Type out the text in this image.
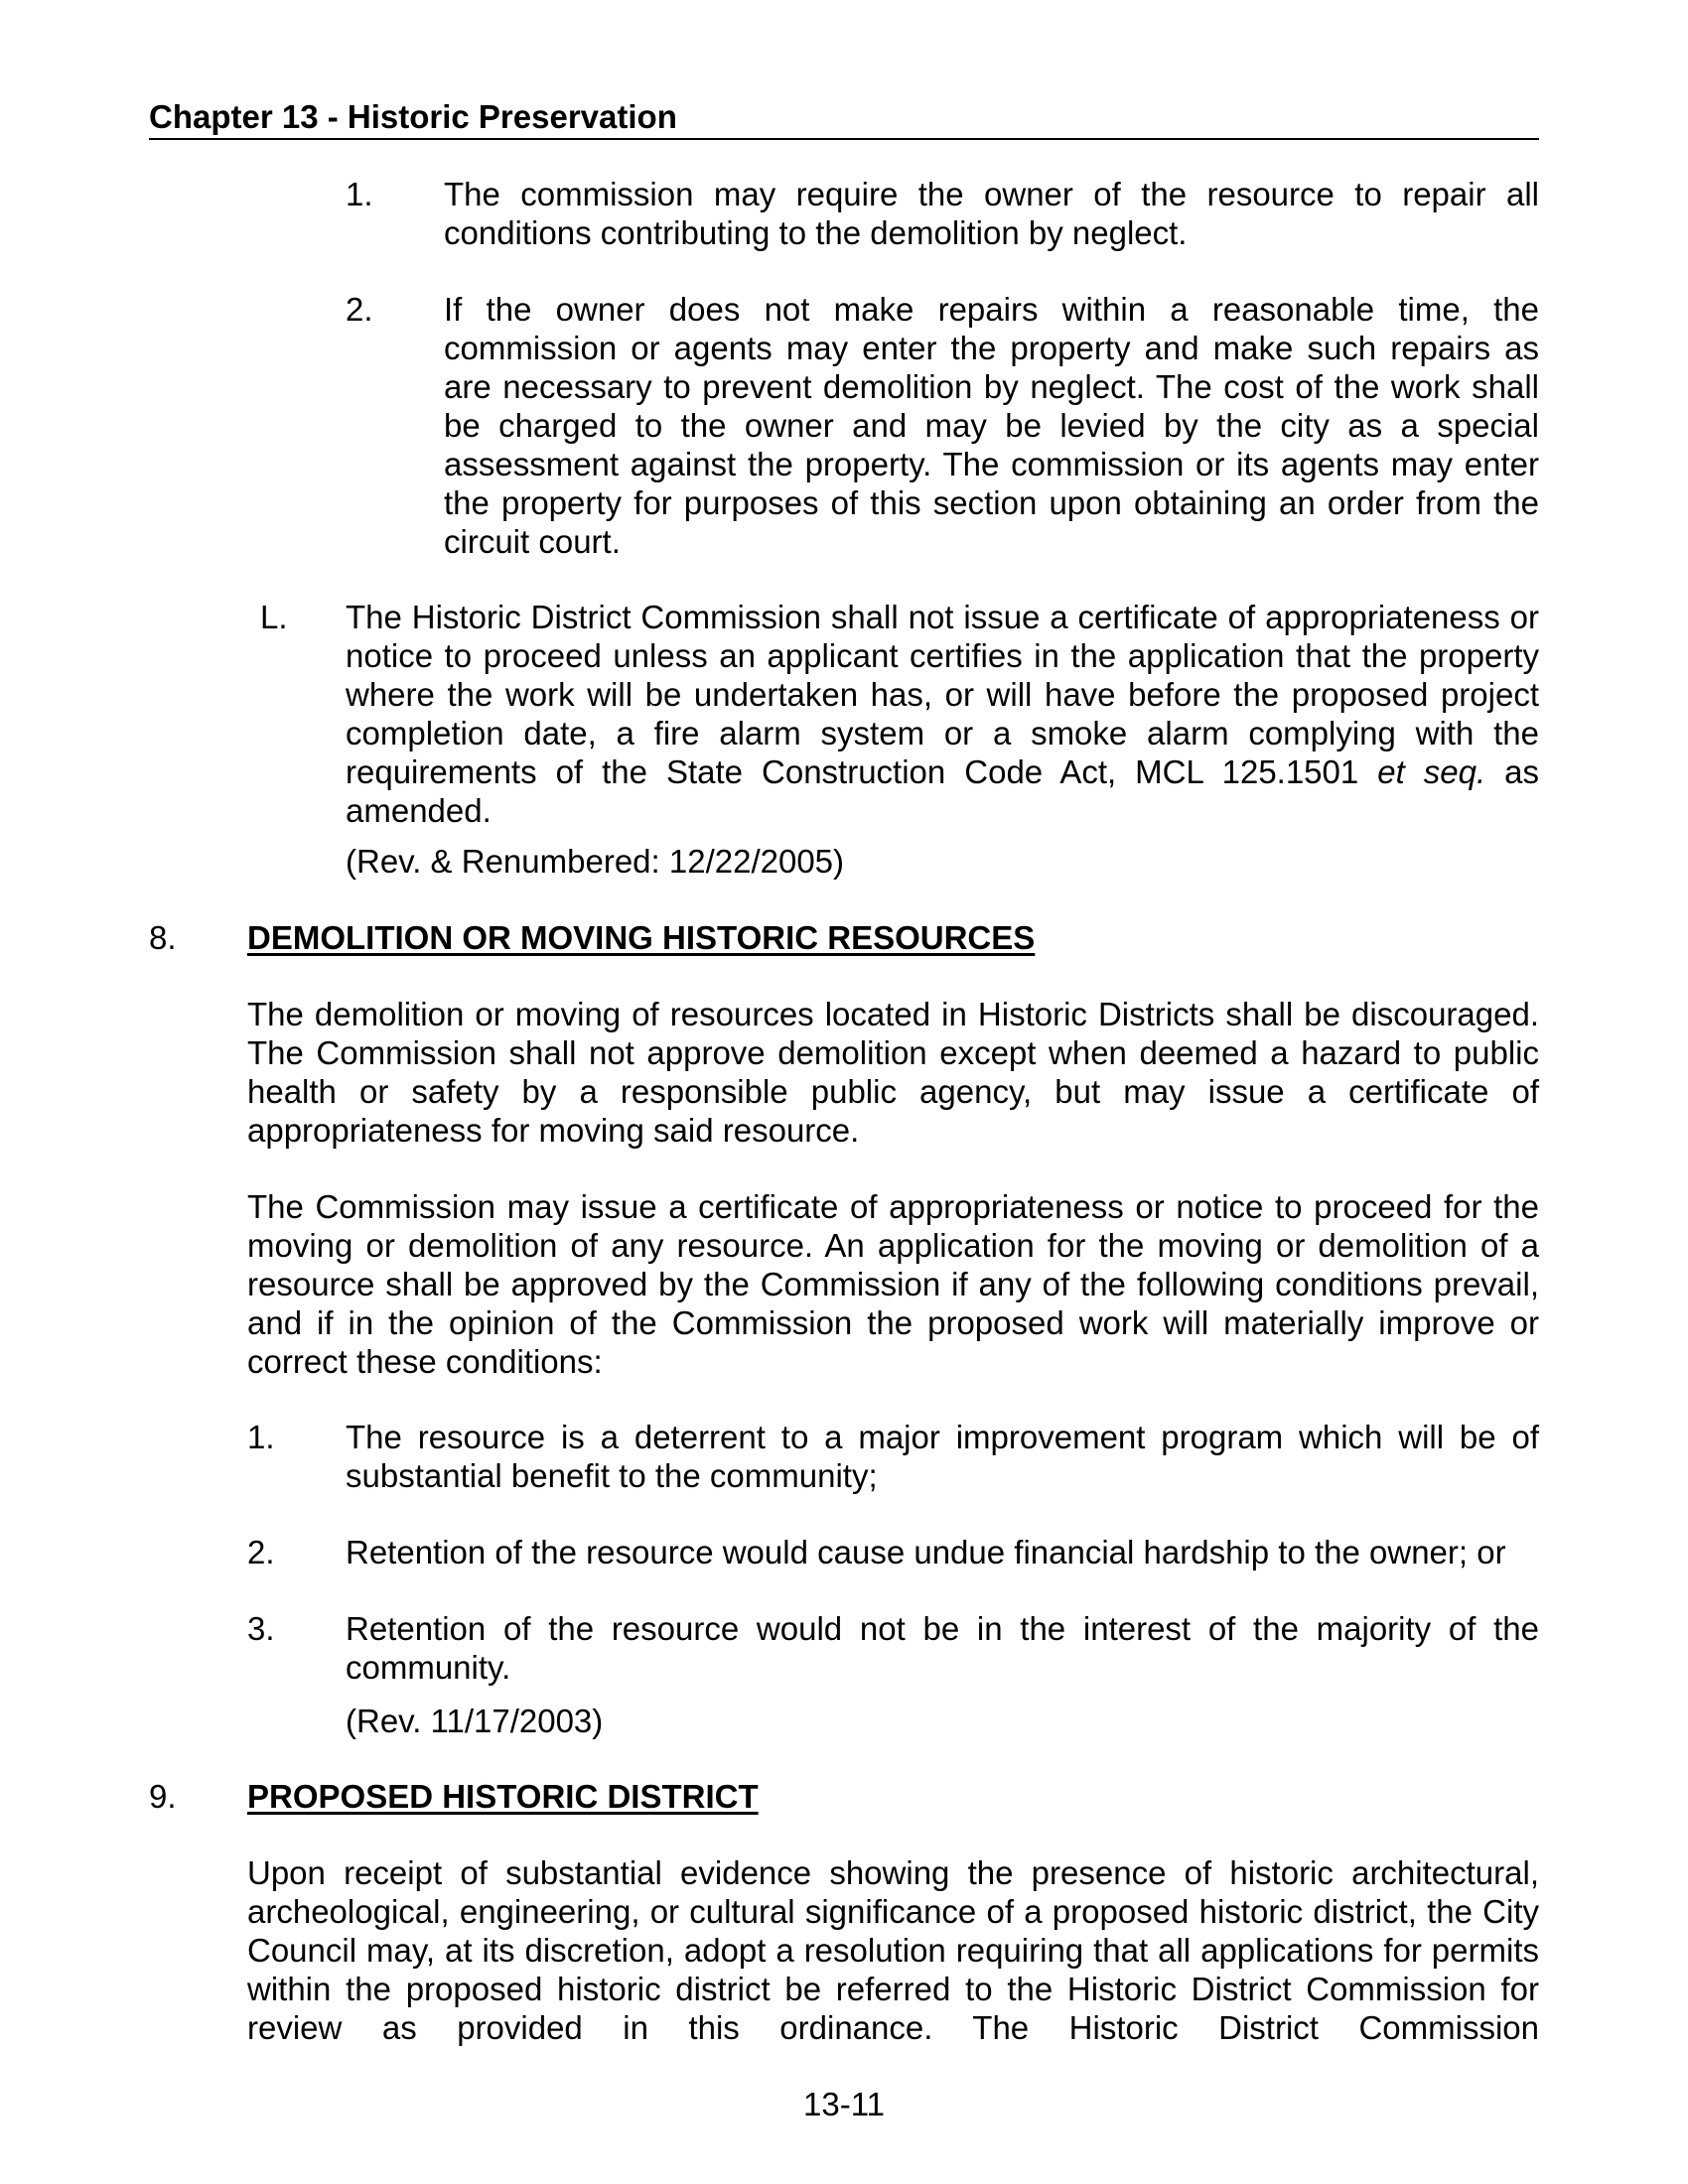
Chapter 13 - Historic Preservation
1. The commission may require the owner of the resource to repair all conditions contributing to the demolition by neglect.
2. If the owner does not make repairs within a reasonable time, the commission or agents may enter the property and make such repairs as are necessary to prevent demolition by neglect. The cost of the work shall be charged to the owner and may be levied by the city as a special assessment against the property. The commission or its agents may enter the property for purposes of this section upon obtaining an order from the circuit court.
L. The Historic District Commission shall not issue a certificate of appropriateness or notice to proceed unless an applicant certifies in the application that the property where the work will be undertaken has, or will have before the proposed project completion date, a fire alarm system or a smoke alarm complying with the requirements of the State Construction Code Act, MCL 125.1501 et seq. as amended.
(Rev. & Renumbered: 12/22/2005)
8. DEMOLITION OR MOVING HISTORIC RESOURCES
The demolition or moving of resources located in Historic Districts shall be discouraged. The Commission shall not approve demolition except when deemed a hazard to public health or safety by a responsible public agency, but may issue a certificate of appropriateness for moving said resource.
The Commission may issue a certificate of appropriateness or notice to proceed for the moving or demolition of any resource. An application for the moving or demolition of a resource shall be approved by the Commission if any of the following conditions prevail, and if in the opinion of the Commission the proposed work will materially improve or correct these conditions:
1. The resource is a deterrent to a major improvement program which will be of substantial benefit to the community;
2. Retention of the resource would cause undue financial hardship to the owner; or
3. Retention of the resource would not be in the interest of the majority of the community.
(Rev. 11/17/2003)
9. PROPOSED HISTORIC DISTRICT
Upon receipt of substantial evidence showing the presence of historic architectural, archeological, engineering, or cultural significance of a proposed historic district, the City Council may, at its discretion, adopt a resolution requiring that all applications for permits within the proposed historic district be referred to the Historic District Commission for review as provided in this ordinance. The Historic District Commission
13-11
